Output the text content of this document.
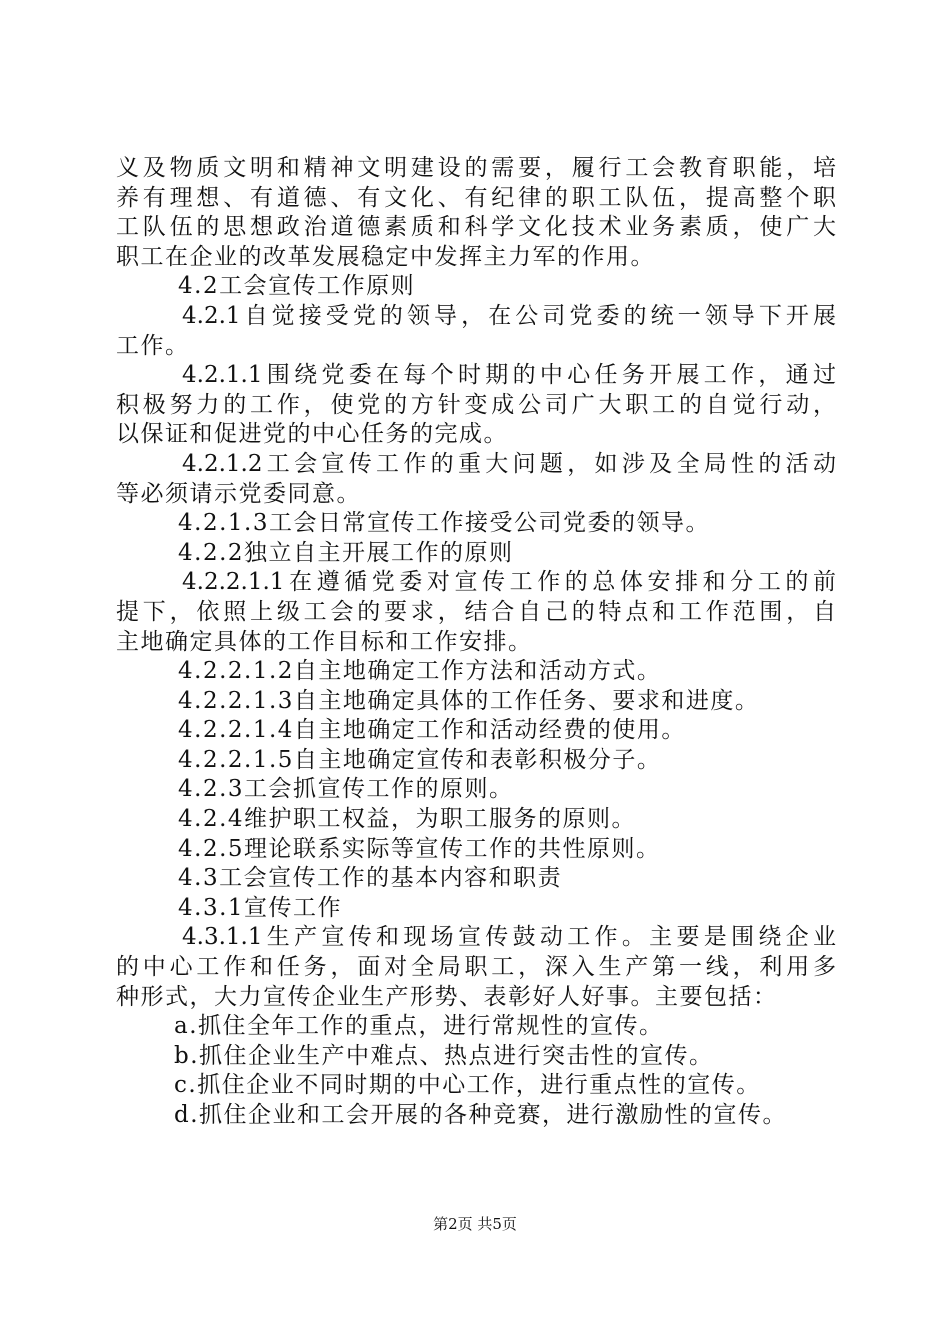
义及物质文明和精神文明建设的需要，履行工会教育职能，培
养有理想、有道德、有文化、有纪律的职工队伍，提高整个职
工队伍的思想政治道德素质和科学文化技术业务素质，使广大
职工在企业的改革发展稳定中发挥主力军的作用。
4.2工会宣传工作原则
4.2.1自觉接受党的领导，在公司党委的统一领导下开展
工作。
4.2.1.1围绕党委在每个时期的中心任务开展工作，通过
积极努力的工作，使党的方针变成公司广大职工的自觉行动，
以保证和促进党的中心任务的完成。
4.2.1.2工会宣传工作的重大问题，如涉及全局性的活动
等必须请示党委同意。
4.2.1.3工会日常宣传工作接受公司党委的领导。
4.2.2独立自主开展工作的原则
4.2.2.1.1在遵循党委对宣传工作的总体安排和分工的前
提下，依照上级工会的要求，结合自己的特点和工作范围，自
主地确定具体的工作目标和工作安排。
4.2.2.1.2自主地确定工作方法和活动方式。
4.2.2.1.3自主地确定具体的工作任务、要求和进度。
4.2.2.1.4自主地确定工作和活动经费的使用。
4.2.2.1.5自主地确定宣传和表彰积极分子。
4.2.3工会抓宣传工作的原则。
4.2.4维护职工权益，为职工服务的原则。
4.2.5理论联系实际等宣传工作的共性原则。
4.3工会宣传工作的基本内容和职责
4.3.1宣传工作
4.3.1.1生产宣传和现场宣传鼓动工作。主要是围绕企业
的中心工作和任务，面对全局职工，深入生产第一线，利用多
种形式，大力宣传企业生产形势、表彰好人好事。主要包括：
a.抓住全年工作的重点，进行常规性的宣传。
b.抓住企业生产中难点、热点进行突击性的宣传。
c.抓住企业不同时期的中心工作，进行重点性的宣传。
d.抓住企业和工会开展的各种竞赛，进行激励性的宣传。
第2页 共5页
